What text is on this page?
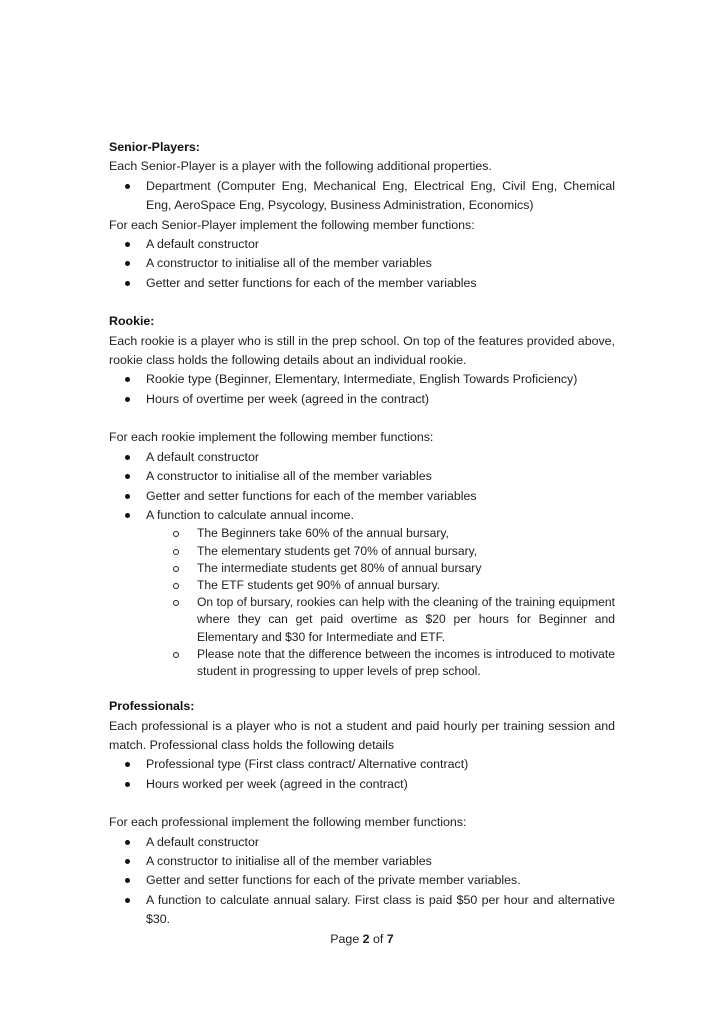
Senior-Players:

Each Senior-Player is a player with the following additional properties.

Department (Computer Eng, Mechanical Eng, Electrical Eng, Civil Eng, Chemical Eng, AeroSpace Eng, Psycology, Business Administration, Economics)

For each Senior-Player implement the following member functions:

A default constructor
A constructor to initialise all of the member variables
Getter and setter functions for each of the member variables
Rookie:

Each rookie is a player who is still in the prep school. On top of the features provided above, rookie class holds the following details about an individual rookie.

Rookie type (Beginner, Elementary, Intermediate, English Towards Proficiency)
Hours of overtime per week (agreed in the contract)

For each rookie implement the following member functions:

A default constructor
A constructor to initialise all of the member variables
Getter and setter functions for each of the member variables
A function to calculate annual income.
The Beginners take 60% of the annual bursary,
The elementary students get 70% of annual bursary,
The intermediate students get 80% of annual bursary
The ETF students get 90% of annual bursary.
On top of bursary, rookies can help with the cleaning of the training equipment where they can get paid overtime as $20 per hours for Beginner and Elementary and $30 for Intermediate and ETF.
Please note that the difference between the incomes is introduced to motivate student in progressing to upper levels of prep school.
Professionals:

Each professional is a player who is not a student and paid hourly per training session and match. Professional class holds the following details

Professional type (First class contract/ Alternative contract)
Hours worked per week (agreed in the contract)

For each professional implement the following member functions:

A default constructor
A constructor to initialise all of the member variables
Getter and setter functions for each of the private member variables.
A function to calculate annual salary. First class is paid $50 per hour and alternative $30.
Page 2 of 7
